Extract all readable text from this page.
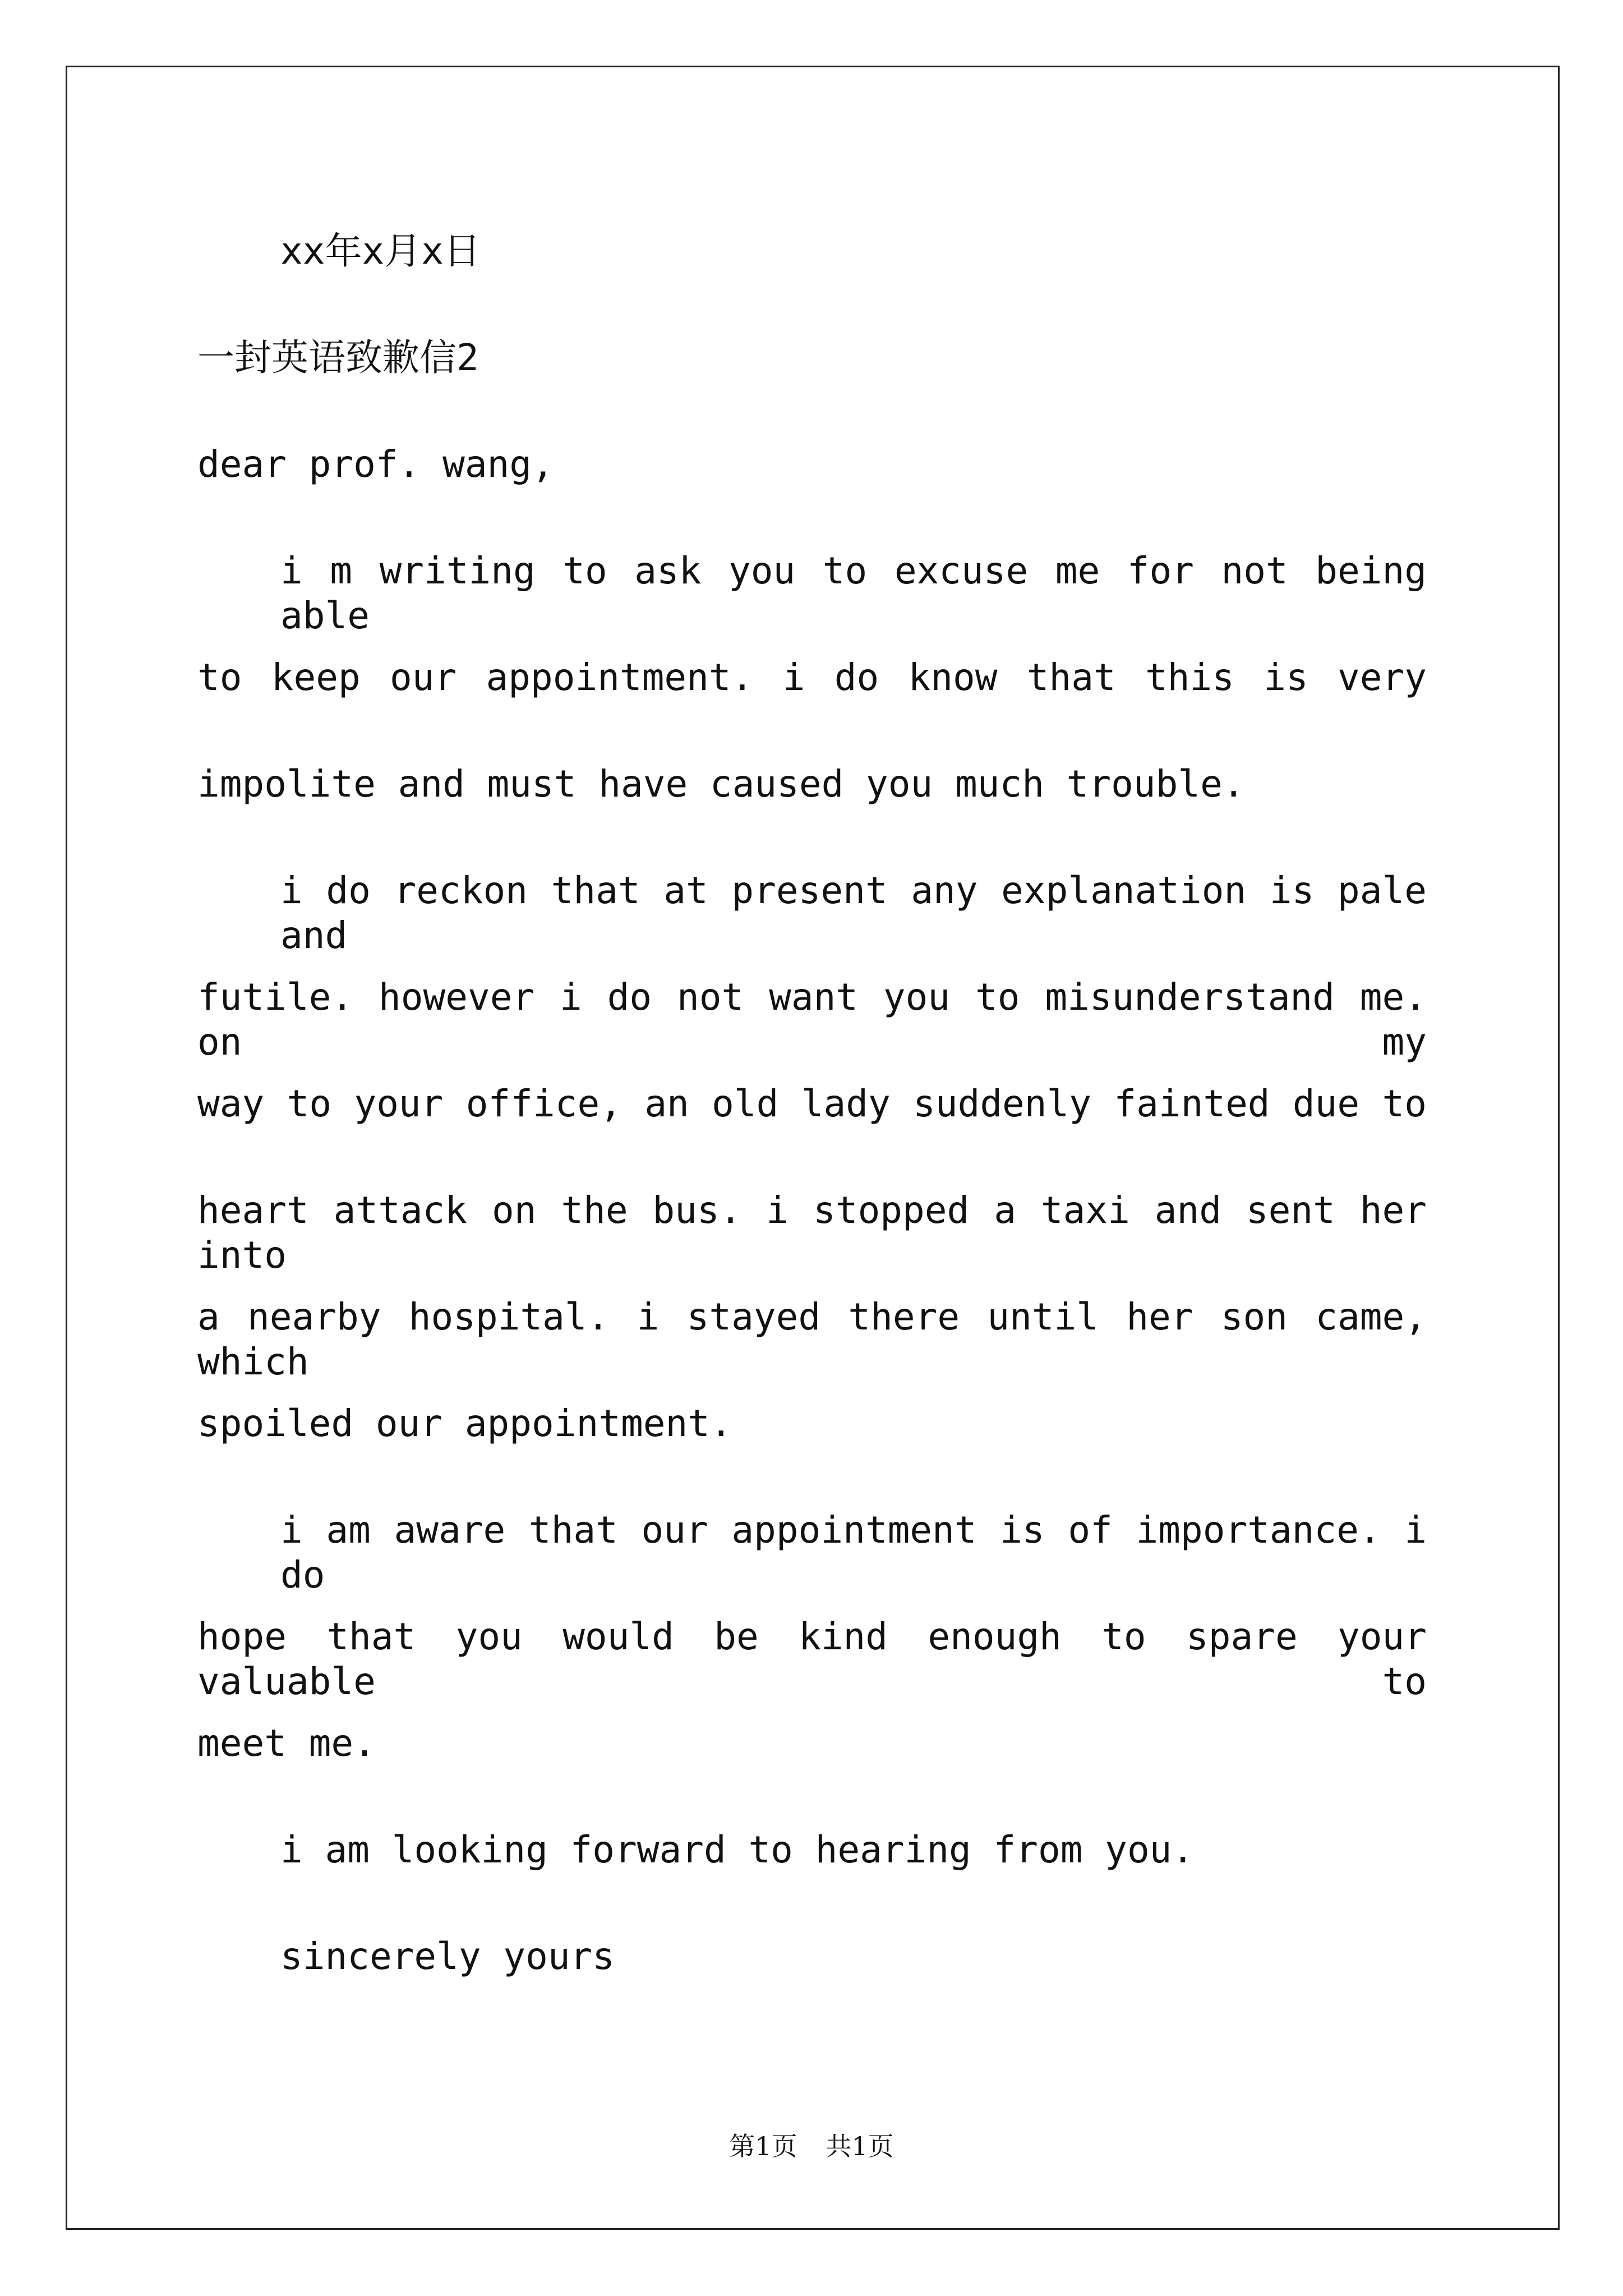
xx年x月x日
一封英语致歉信2
dear prof. wang,
i m writing to ask you to excuse me for not being able
to keep our appointment. i do know that this is very
impolite and must have caused you much trouble.
i do reckon that at present any explanation is pale and
futile. however i do not want you to misunderstand me. on my
way to your office, an old lady suddenly fainted due to
heart attack on the bus. i stopped a taxi and sent her into
a nearby hospital. i stayed there until her son came, which
spoiled our appointment.
i am aware that our appointment is of importance. i do
hope that you would be kind enough to spare your valuable to
meet me.
i am looking forward to hearing from you.
sincerely yours
第1页 共1页
